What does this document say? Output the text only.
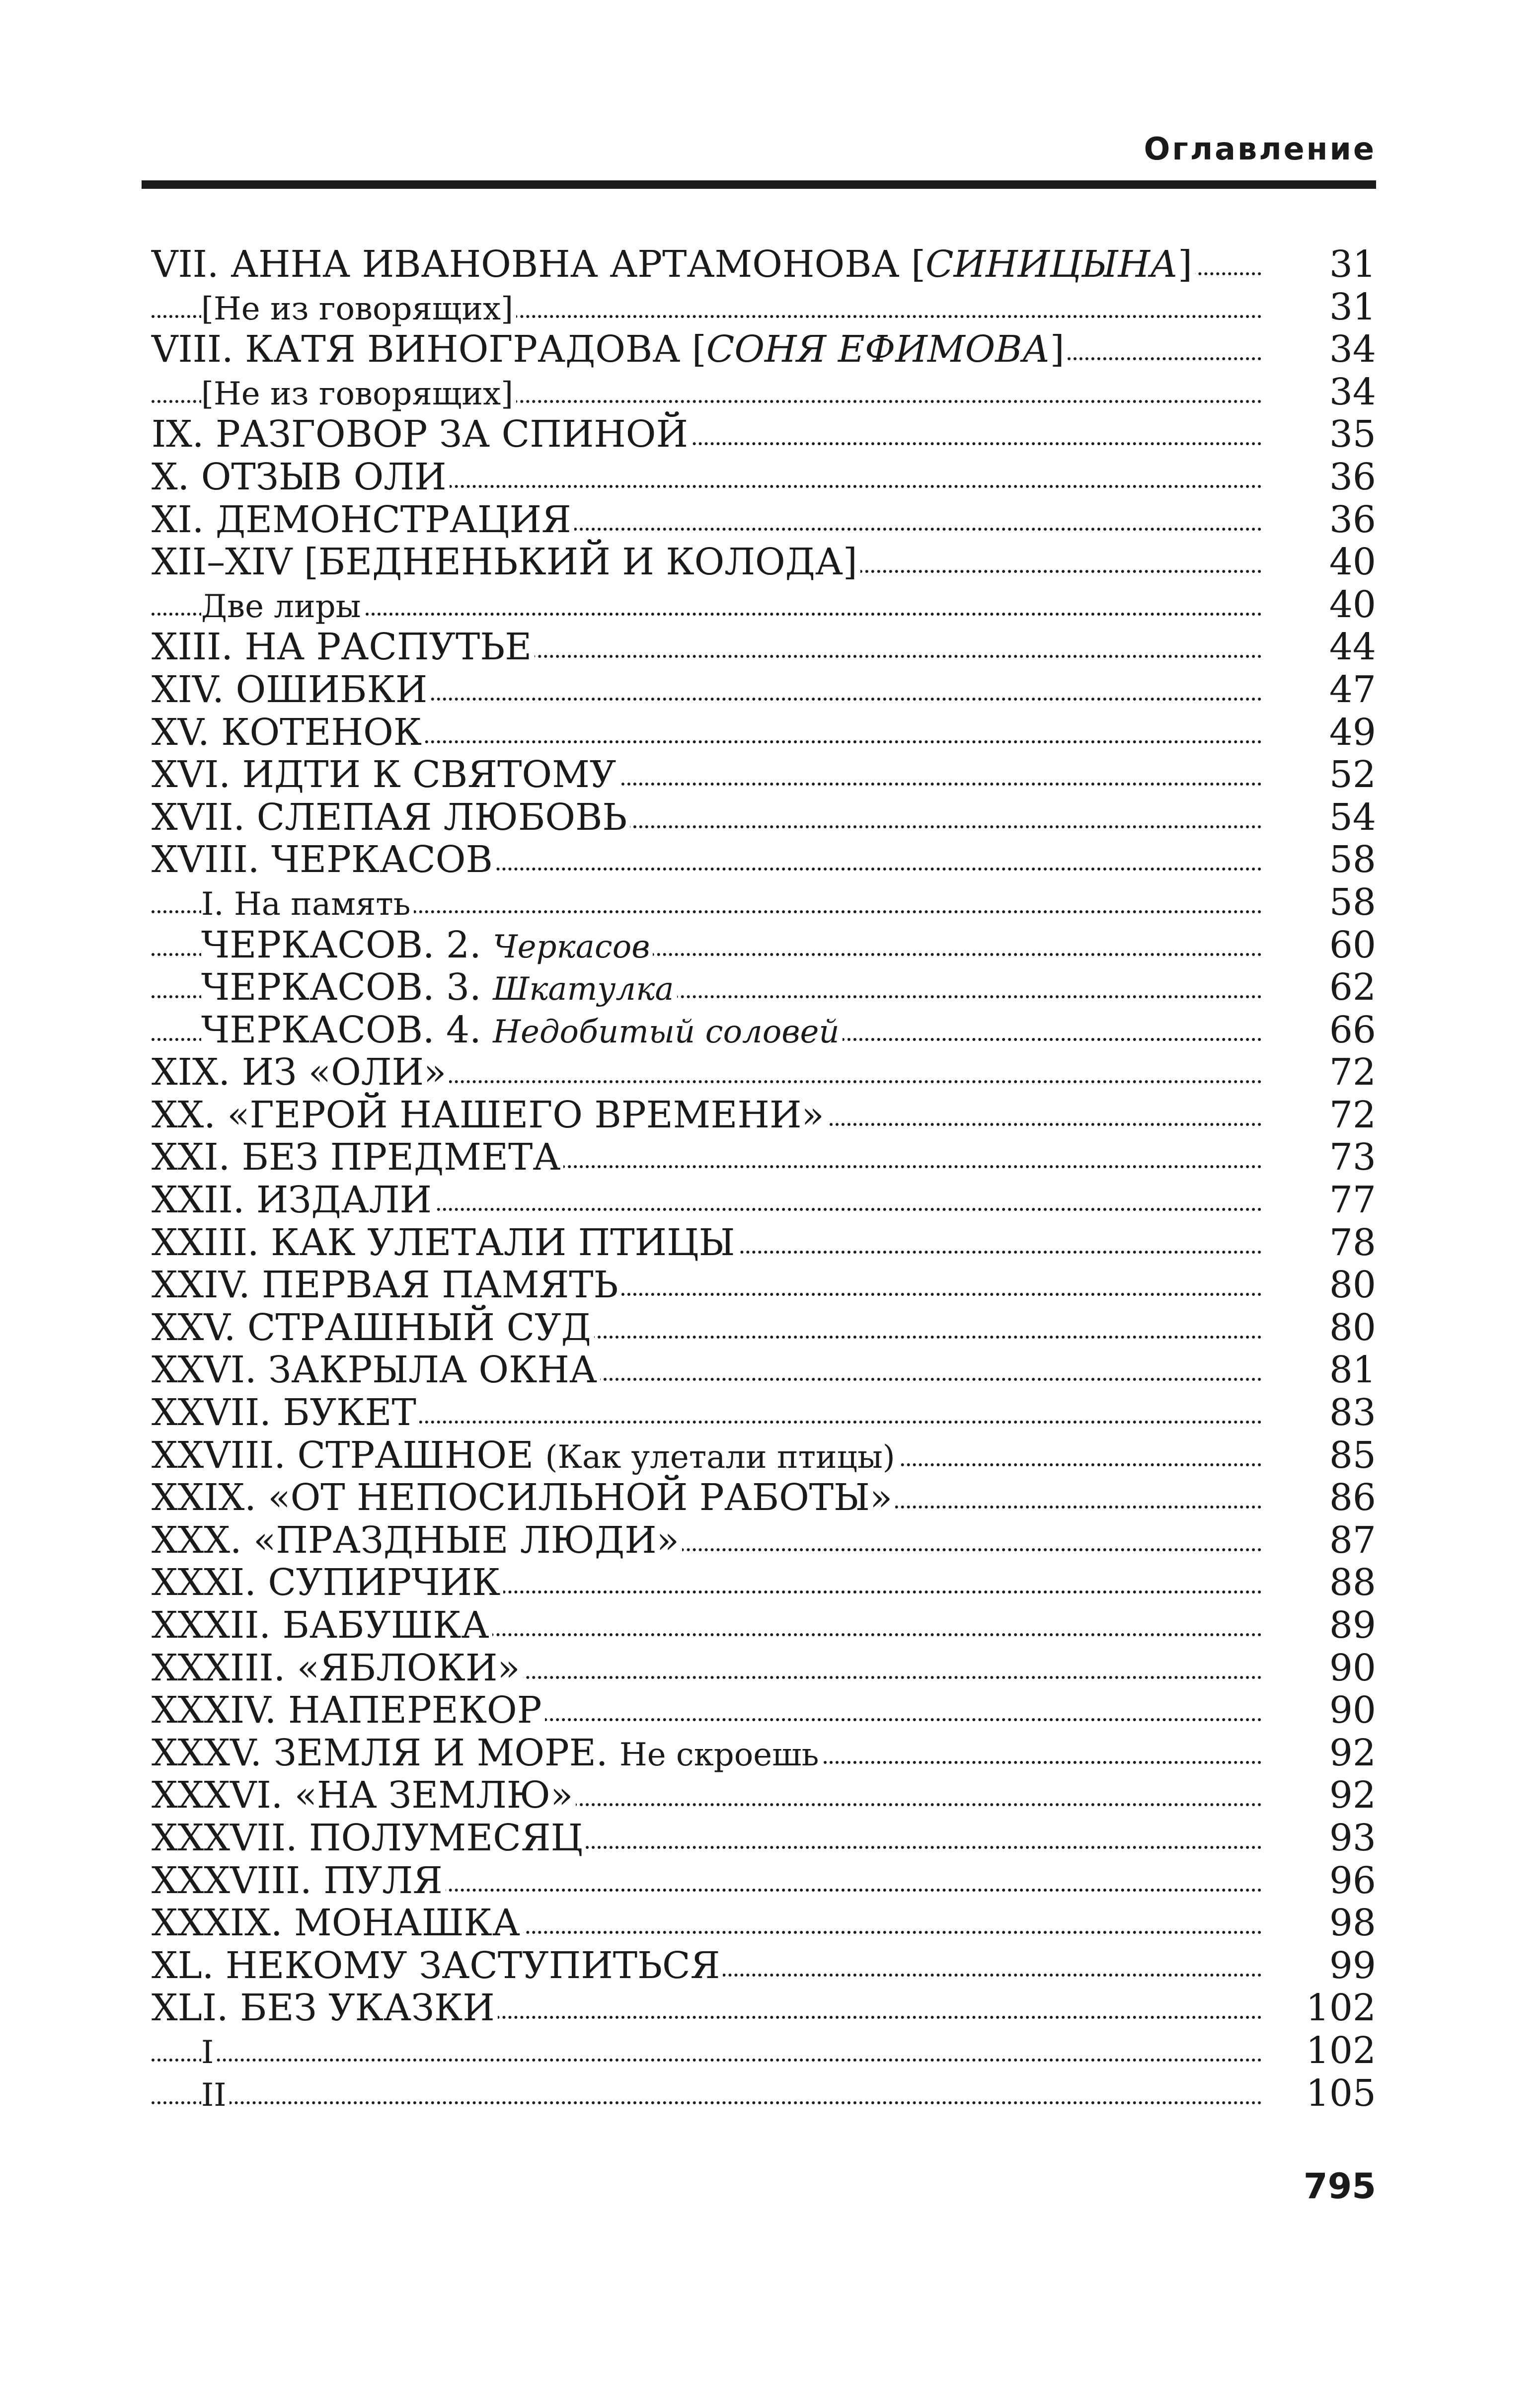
Оглавление
VII. АННА ИВАНОВНА АРТАМОНОВА [СИНИЦЫНА]	31
[Не из говорящих]	31
VIII. КАТЯ ВИНОГРАДОВА [СОНЯ ЕФИМОВА]	34
[Не из говорящих]	34
IX. РАЗГОВОР ЗА СПИНОЙ	35
X. ОТЗЫВ ОЛИ	36
XI. ДЕМОНСТРАЦИЯ	36
XII–XIV [БЕДНЕНЬКИЙ И КОЛОДА]	40
Две лиры	40
XIII. НА РАСПУТЬЕ	44
XIV. ОШИБКИ	47
XV. КОТЕНОК	49
XVI. ИДТИ К СВЯТОМУ	52
XVII. СЛЕПАЯ ЛЮБОВЬ	54
XVIII. ЧЕРКАСОВ	58
I. На память	58
ЧЕРКАСОВ. 2. Черкасов	60
ЧЕРКАСОВ. 3. Шкатулка	62
ЧЕРКАСОВ. 4. Недобитый соловей	66
XIX. ИЗ «ОЛИ»	72
XX. «ГЕРОЙ НАШЕГО ВРЕМЕНИ»	72
XXI. БЕЗ ПРЕДМЕТА	73
XXII. ИЗДАЛИ	77
XXIII. КАК УЛЕТАЛИ ПТИЦЫ	78
XXIV. ПЕРВАЯ ПАМЯТЬ	80
XXV. СТРАШНЫЙ СУД	80
XXVI. ЗАКРЫЛА ОКНА	81
XXVII. БУКЕТ	83
XXVIII. СТРАШНОЕ (Как улетали птицы)	85
XXIX. «ОТ НЕПОСИЛЬНОЙ РАБОТЫ»	86
XXX. «ПРАЗДНЫЕ ЛЮДИ»	87
XXXI. СУПИРЧИК	88
XXXII. БАБУШКА	89
XXXIII. «ЯБЛОКИ»	90
XXXIV. НАПЕРЕКОР	90
XXXV. ЗЕМЛЯ И МОРЕ. Не скроешь	92
XXXVI. «НА ЗЕМЛЮ»	92
XXXVII. ПОЛУМЕСЯЦ	93
XXXVIII. ПУЛЯ	96
XXXIX. МОНАШКА	98
XL. НЕКОМУ ЗАСТУПИТЬСЯ	99
XLI. БЕЗ УКАЗКИ	102
I	102
II	105
795
